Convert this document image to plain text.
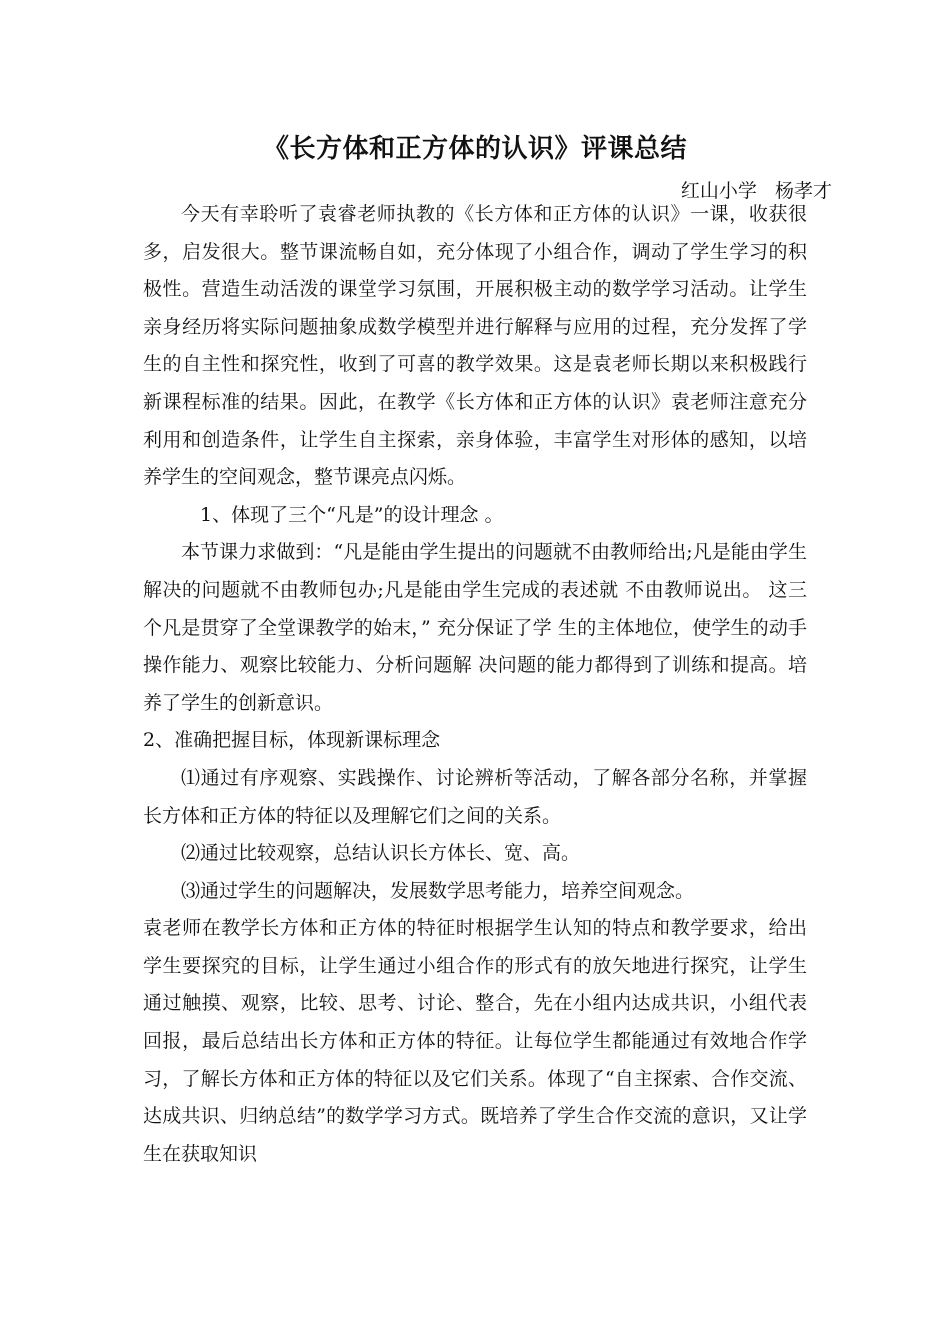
《长方体和正方体的认识》评课总结
红山小学   杨孝才

今天有幸聆听了袁睿老师执教的《长方体和正方体的认识》一课，收获很多，启发很大。整节课流畅自如，充分体现了小组合作，调动了学生学习的积极性。营造生动活泼的课堂学习氛围，开展积极主动的数学学习活动。让学生亲身经历将实际问题抽象成数学模型并进行解释与应用的过程，充分发挥了学生的自主性和探究性，收到了可喜的教学效果。这是袁老师长期以来积极践行新课程标准的结果。因此，在教学《长方体和正方体的认识》袁老师注意充分利用和创造条件，让学生自主探索，亲身体验，丰富学生对形体的感知，以培养学生的空间观念，整节课亮点闪烁。

1、体现了三个“凡是”的设计理念 。

本节课力求做到：“凡是能由学生提出的问题就不由教师给出;凡是能由学生解决的问题就不由教师包办;凡是能由学生完成的表述就 不由教师说出。 这三个凡是贯穿了全堂课教学的始末，” 充分保证了学 生的主体地位，使学生的动手操作能力、观察比较能力、分析问题解 决问题的能力都得到了训练和提高。培养了学生的创新意识。

2、准确把握目标，体现新课标理念

⑴通过有序观察、实践操作、讨论辨析等活动，了解各部分名称，并掌握长方体和正方体的特征以及理解它们之间的关系。

⑵通过比较观察，总结认识长方体长、宽、高。

⑶通过学生的问题解决，发展数学思考能力，培养空间观念。

袁老师在教学长方体和正方体的特征时根据学生认知的特点和教学要求，给出学生要探究的目标，让学生通过小组合作的形式有的放矢地进行探究，让学生通过触摸、观察，比较、思考、讨论、整合，先在小组内达成共识，小组代表回报，最后总结出长方体和正方体的特征。让每位学生都能通过有效地合作学习，了解长方体和正方体的特征以及它们关系。体现了“自主探索、合作交流、达成共识、归纳总结”的数学学习方式。既培养了学生合作交流的意识，又让学生在获取知识
